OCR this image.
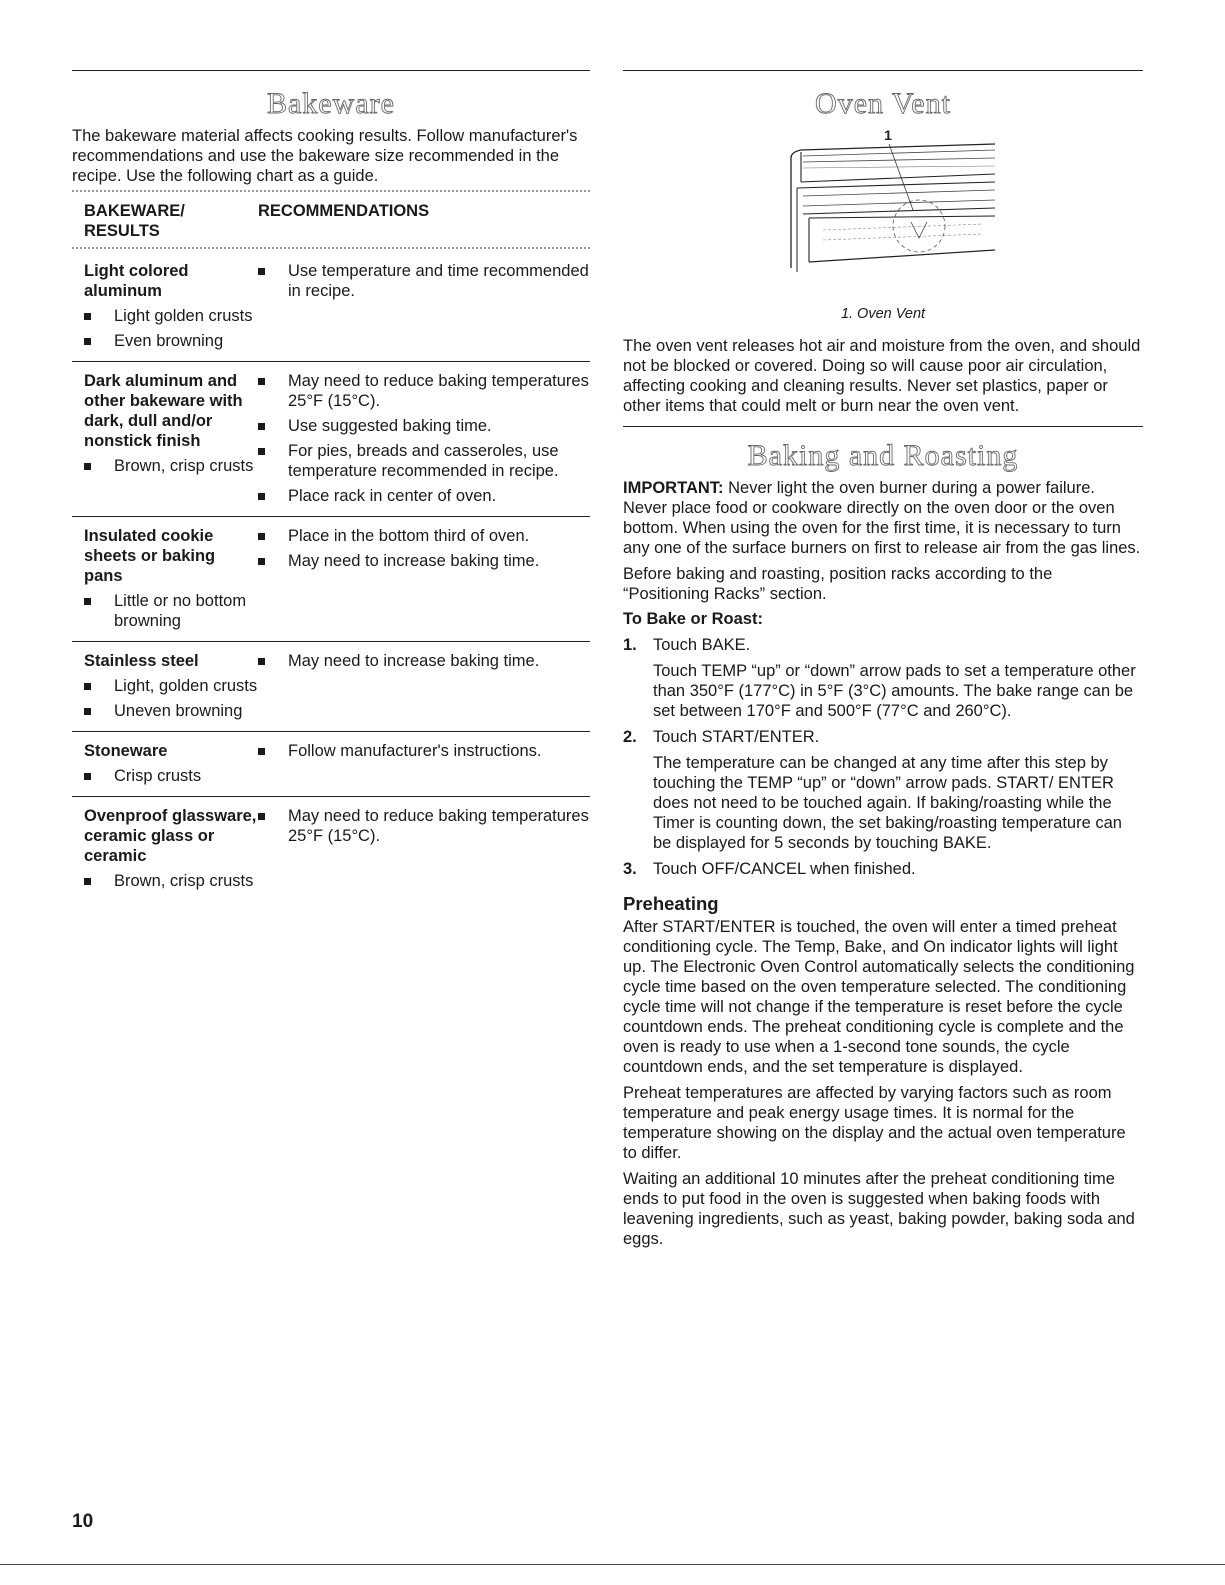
Bakeware

The bakeware material affects cooking results. Follow manufacturer's recommendations and use the bakeware size recommended in the recipe. Use the following chart as a guide.

BAKEWARE/
RESULTS
RECOMMENDATIONS
Light colored aluminum
Light golden crusts
Even browning
Use temperature and time recommended in recipe.
Dark aluminum and other bakeware with dark, dull and/or nonstick finish
Brown, crisp crusts
May need to reduce baking temperatures 25°F (15°C).
Use suggested baking time.
For pies, breads and casseroles, use temperature recommended in recipe.
Place rack in center of oven.
Insulated cookie sheets or baking pans
Little or no bottom browning
Place in the bottom third of oven.
May need to increase baking time.
Stainless steel
Light, golden crusts
Uneven browning
May need to increase baking time.
Stoneware
Crisp crusts
Follow manufacturer's instructions.
Ovenproof glassware, ceramic glass or ceramic
Brown, crisp crusts
May need to reduce baking temperatures 25°F (15°C).
Oven Vent
1
1. Oven Vent

The oven vent releases hot air and moisture from the oven, and should not be blocked or covered. Doing so will cause poor air circulation, affecting cooking and cleaning results. Never set plastics, paper or other items that could melt or burn near the oven vent.

Baking and Roasting

IMPORTANT: Never light the oven burner during a power failure. Never place food or cookware directly on the oven door or the oven bottom. When using the oven for the first time, it is necessary to turn any one of the surface burners on first to release air from the gas lines.

Before baking and roasting, position racks according to the “Positioning Racks” section.

To Bake or Roast:
1. Touch BAKE.
Touch TEMP “up” or “down” arrow pads to set a temperature other than 350°F (177°C) in 5°F (3°C) amounts. The bake range can be set between 170°F and 500°F (77°C and 260°C).
2. Touch START/ENTER.
The temperature can be changed at any time after this step by touching the TEMP “up” or “down” arrow pads. START/ ENTER does not need to be touched again. If baking/roasting while the Timer is counting down, the set baking/roasting temperature can be displayed for 5 seconds by touching BAKE.
3. Touch OFF/CANCEL when finished.
Preheating

After START/ENTER is touched, the oven will enter a timed preheat conditioning cycle. The Temp, Bake, and On indicator lights will light up. The Electronic Oven Control automatically selects the conditioning cycle time based on the oven temperature selected. The conditioning cycle time will not change if the temperature is reset before the cycle countdown ends. The preheat conditioning cycle is complete and the oven is ready to use when a 1-second tone sounds, the cycle countdown ends, and the set temperature is displayed.

Preheat temperatures are affected by varying factors such as room temperature and peak energy usage times. It is normal for the temperature showing on the display and the actual oven temperature to differ.

Waiting an additional 10 minutes after the preheat conditioning time ends to put food in the oven is suggested when baking foods with leavening ingredients, such as yeast, baking powder, baking soda and eggs.

10
